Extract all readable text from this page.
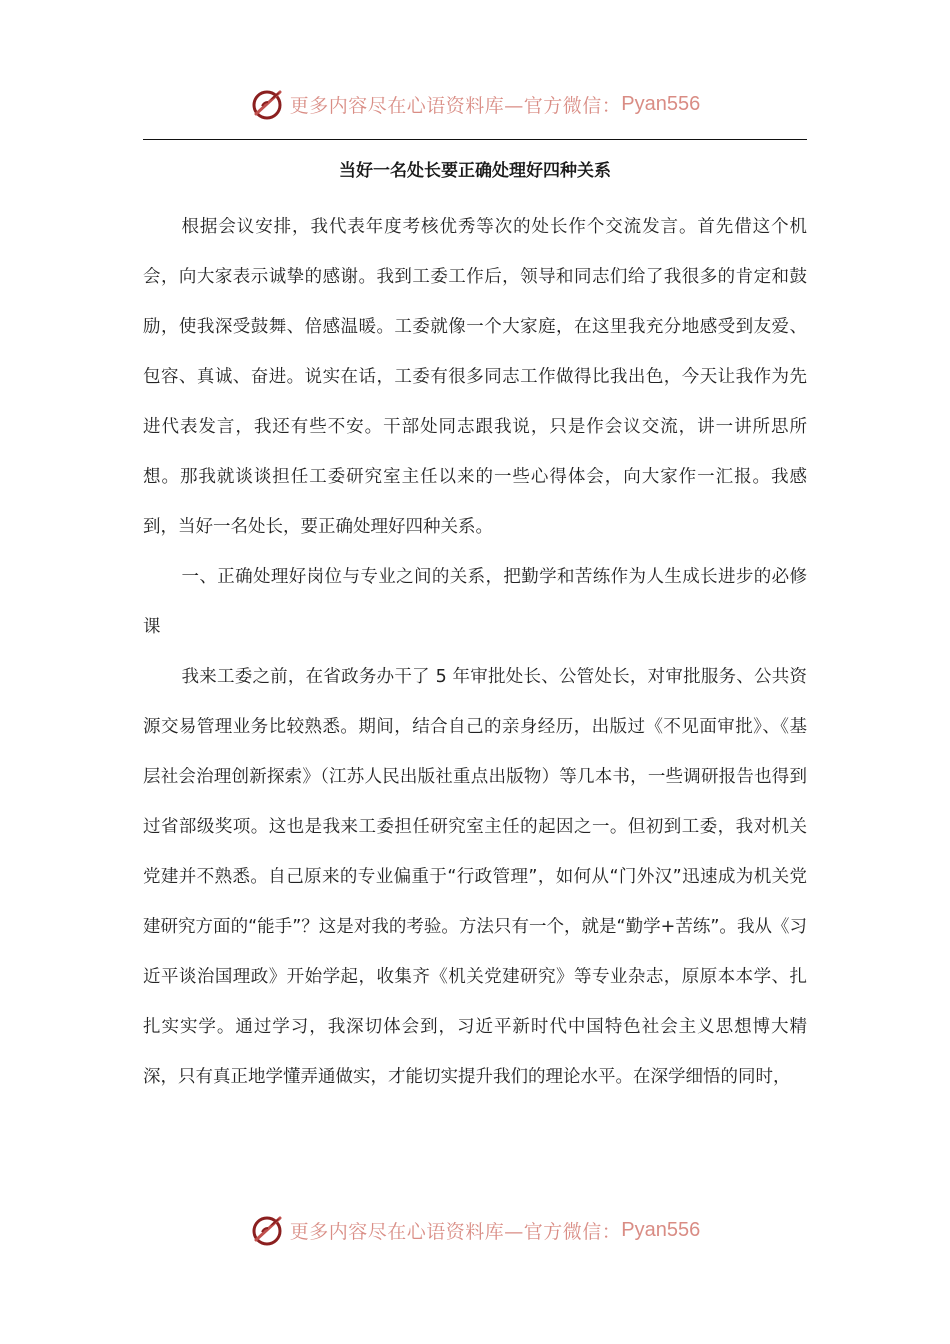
更多内容尽在心语资料库—官方微信： Pyan556
当好一名处长要正确处理好四种关系

根据会议安排，我代表年度考核优秀等次的处长作个交流发言。首先借这个机会，向大家表示诚挚的感谢。我到工委工作后，领导和同志们给了我很多的肯定和鼓励，使我深受鼓舞、倍感温暖。工委就像一个大家庭，在这里我充分地感受到友爱、包容、真诚、奋进。说实在话，工委有很多同志工作做得比我出色，今天让我作为先进代表发言，我还有些不安。干部处同志跟我说，只是作会议交流，讲一讲所思所想。那我就谈谈担任工委研究室主任以来的一些心得体会，向大家作一汇报。我感到，当好一名处长，要正确处理好四种关系。

一、正确处理好岗位与专业之间的关系，把勤学和苦练作为人生成长进步的必修课

我来工委之前，在省政务办干了 5 年审批处长、公管处长，对审批服务、公共资源交易管理业务比较熟悉。期间，结合自己的亲身经历，出版过《不见面审批》、《基层社会治理创新探索》（江苏人民出版社重点出版物）等几本书，一些调研报告也得到过省部级奖项。这也是我来工委担任研究室主任的起因之一。但初到工委，我对机关党建并不熟悉。自己原来的专业偏重于“行政管理”，如何从“门外汉”迅速成为机关党建研究方面的“能手”？这是对我的考验。方法只有一个，就是“勤学+苦练”。我从《习近平谈治国理政》开始学起，收集齐《机关党建研究》等专业杂志，原原本本学、扎扎实实学。通过学习，我深切体会到，习近平新时代中国特色社会主义思想博大精深，只有真正地学懂弄通做实，才能切实提升我们的理论水平。在深学细悟的同时，

更多内容尽在心语资料库—官方微信： Pyan556
